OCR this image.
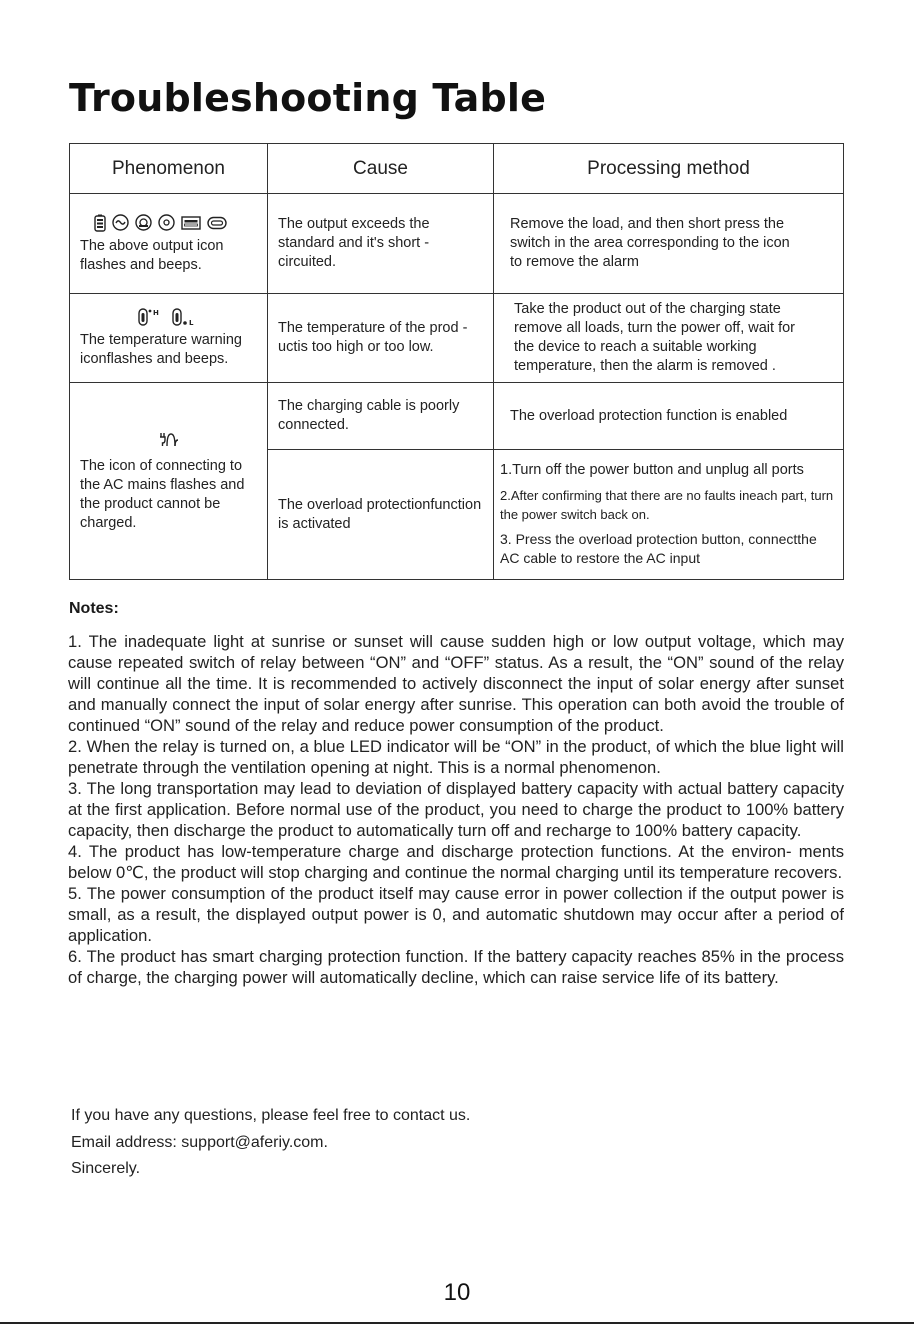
Troubleshooting Table
Phenomenon	Cause	Processing method

The above output icon flashes and beeps.	The output exceeds the standard and it's short -circuited.	Remove the load, and then short press the switch in the area corresponding to the icon to remove the alarm

H
L
The temperature warning iconflashes and beeps.	The temperature of the prod -uctis too high or too low.	Take the product out of the charging state remove all loads, turn the power off, wait for the device to reach a suitable working temperature, then the alarm is removed .

The icon of connecting to the AC mains flashes and the product cannot be charged.	The charging cable is poorly connected.	The overload protection function is enabled
	The overload protectionfunction is activated	1.Turn off the power button and unplug all ports
2.After confirming that there are no faults ineach part, turn the power switch back on.
3. Press the overload protection button, connectthe AC cable to restore the AC input
Notes:

1. The inadequate light at sunrise or sunset will cause sudden high or low output voltage, which may cause repeated switch of relay between “ON” and “OFF” status. As a result, the “ON” sound of the relay will continue all the time. It is recommended to actively disconnect the input of solar energy after sunset and manually connect the input of solar energy after sunrise. This operation can both avoid the trouble of continued “ON” sound of the relay and reduce power consumption of the product.

2. When the relay is turned on, a blue LED indicator will be “ON” in the product, of which the blue light will penetrate through the ventilation opening at night. This is a normal phenomenon.

3. The long transportation may lead to deviation of displayed battery capacity with actual battery capacity at the first application. Before normal use of the product, you need to charge the product to 100% battery capacity, then discharge the product to automatically turn off and recharge to 100% battery capacity.

4. The product has low-temperature charge and discharge protection functions. At the environ- ments below 0℃, the product will stop charging and continue the normal charging until its temperature recovers.

5. The power consumption of the product itself may cause error in power collection if the output power is small, as a result, the displayed output power is 0, and automatic shutdown may occur after a period of application.

6. The product has smart charging protection function. If the battery capacity reaches 85% in the process of charge, the charging power will automatically decline, which can raise service life of its battery.

If you have any questions, please feel free to contact us.

Email address: support@aferiy.com.

Sincerely.

10
